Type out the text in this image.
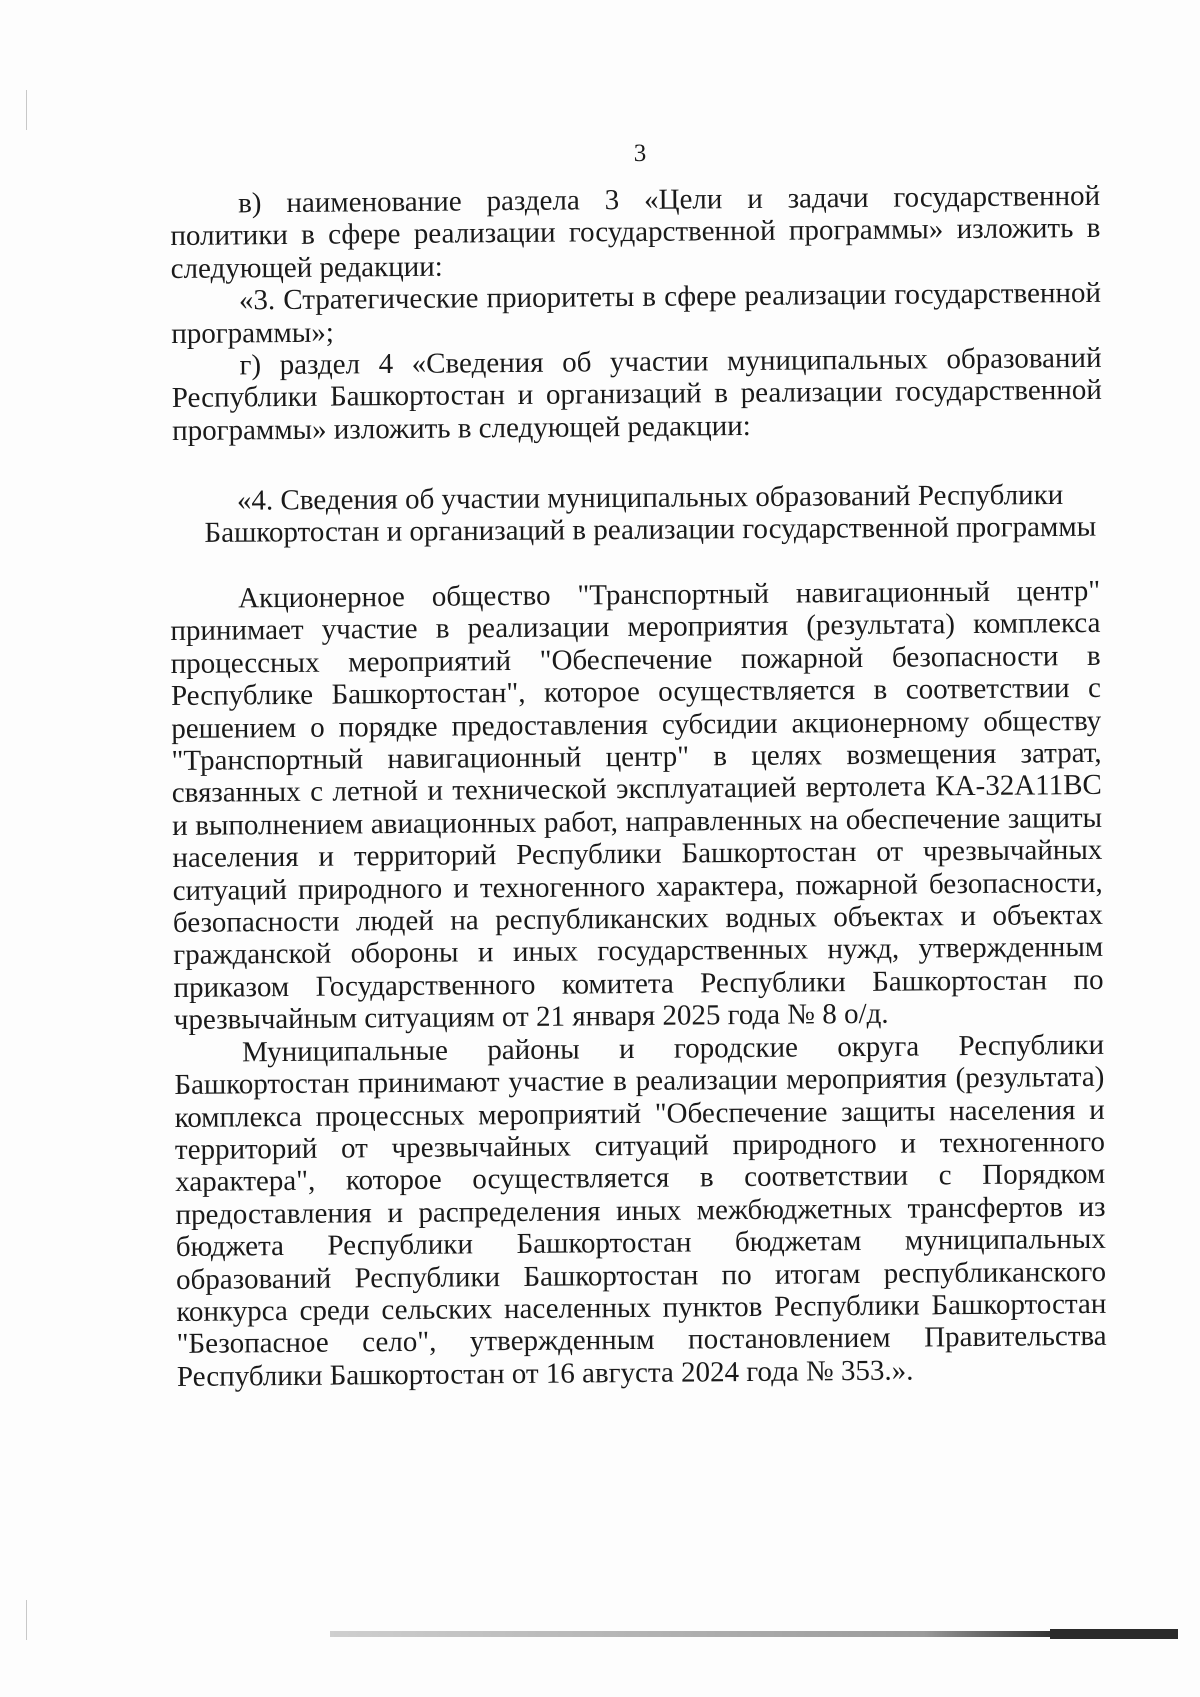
3

в) наименование раздела 3 «Цели и задачи государственной политики в сфере реализации государственной программы» изложить в следующей редакции:

«3. Стратегические приоритеты в сфере реализации государственной программы»;

г) раздел 4 «Сведения об участии муниципальных образований Республики Башкортостан и организаций в реализации государственной программы» изложить в следующей редакции:

«4. Сведения об участии муниципальных образований Республики

Башкортостан и организаций в реализации государственной программы

Акционерное общество "Транспортный навигационный центр" принимает участие в реализации мероприятия (результата) комплекса процессных мероприятий "Обеспечение пожарной безопасности в Республике Башкортостан", которое осуществляется в соответствии с решением о порядке предоставления субсидии акционерному обществу "Транспортный навигационный центр" в целях возмещения затрат, связанных с летной и технической эксплуатацией вертолета КА-32А11ВС и выполнением авиационных работ, направленных на обеспечение защиты населения и территорий Республики Башкортостан от чрезвычайных ситуаций природного и техногенного характера, пожарной безопасности, безопасности людей на республиканских водных объектах и объектах гражданской обороны и иных государственных нужд, утвержденным приказом Государственного комитета Республики Башкортостан по чрезвычайным ситуациям от 21 января 2025 года № 8 о/д.

Муниципальные районы и городские округа Республики Башкортостан принимают участие в реализации мероприятия (результата) комплекса процессных мероприятий "Обеспечение защиты населения и территорий от чрезвычайных ситуаций природного и техногенного характера", которое осуществляется в соответствии с Порядком предоставления и распределения иных межбюджетных трансфертов из бюджета Республики Башкортостан бюджетам муниципальных образований Республики Башкортостан по итогам республиканского конкурса среди сельских населенных пунктов Республики Башкортостан "Безопасное село", утвержденным постановлением Правительства Республики Башкортостан от 16 августа 2024 года № 353.».
